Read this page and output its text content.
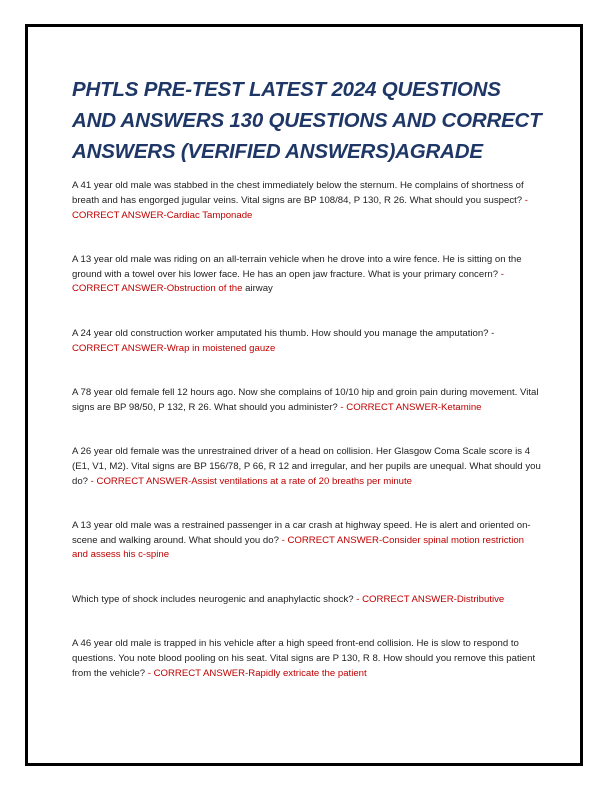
PHTLS PRE-TEST LATEST 2024 QUESTIONS AND ANSWERS 130 QUESTIONS AND CORRECT ANSWERS (VERIFIED ANSWERS)AGRADE

A 41 year old male was stabbed in the chest immediately below the sternum. He complains of shortness of breath and has engorged jugular veins. Vital signs are BP 108/84, P 130, R 26. What should you suspect? - CORRECT ANSWER-Cardiac Tamponade

A 13 year old male was riding on an all-terrain vehicle when he drove into a wire fence. He is sitting on the ground with a towel over his lower face. He has an open jaw fracture. What is your primary concern? - CORRECT ANSWER-Obstruction of the airway

A 24 year old construction worker amputated his thumb. How should you manage the amputation? - CORRECT ANSWER-Wrap in moistened gauze

A 78 year old female fell 12 hours ago. Now she complains of 10/10 hip and groin pain during movement. Vital signs are BP 98/50, P 132, R 26. What should you administer? - CORRECT ANSWER-Ketamine

A 26 year old female was the unrestrained driver of a head on collision. Her Glasgow Coma Scale score is 4 (E1, V1, M2). Vital signs are BP 156/78, P 66, R 12 and irregular, and her pupils are unequal. What should you do? - CORRECT ANSWER-Assist ventilations at a rate of 20 breaths per minute

A 13 year old male was a restrained passenger in a car crash at highway speed. He is alert and oriented on-scene and walking around. What should you do? - CORRECT ANSWER-Consider spinal motion restriction and assess his c-spine

Which type of shock includes neurogenic and anaphylactic shock? - CORRECT ANSWER-Distributive

A 46 year old male is trapped in his vehicle after a high speed front-end collision. He is slow to respond to questions. You note blood pooling on his seat. Vital signs are P 130, R 8. How should you remove this patient from the vehicle? - CORRECT ANSWER-Rapidly extricate the patient
